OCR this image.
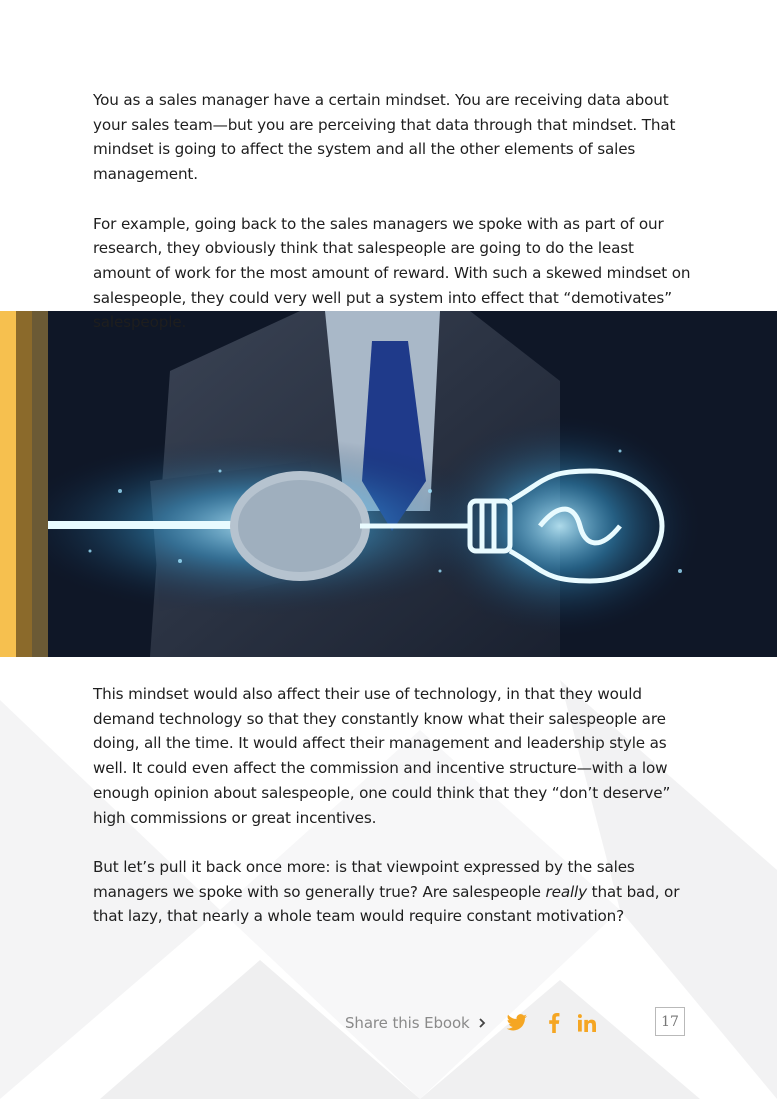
You as a sales manager have a certain mindset. You are receiving data about your sales team—but you are perceiving that data through that mindset. That mindset is going to affect the system and all the other elements of sales management.

For example, going back to the sales managers we spoke with as part of our research, they obviously think that salespeople are going to do the least amount of work for the most amount of reward. With such a skewed mindset on salespeople, they could very well put a system into effect that “demotivates” salespeople.

This mindset would also affect their use of technology, in that they would demand technology so that they constantly know what their salespeople are doing, all the time. It would affect their management and leadership style as well. It could even affect the commission and incentive structure—with a low enough opinion about salespeople, one could think that they “don’t deserve” high commissions or great incentives.

But let’s pull it back once more: is that viewpoint expressed by the sales managers we spoke with so generally true? Are salespeople really that bad, or that lazy, that nearly a whole team would require constant motivation?

Share this Ebook	17
